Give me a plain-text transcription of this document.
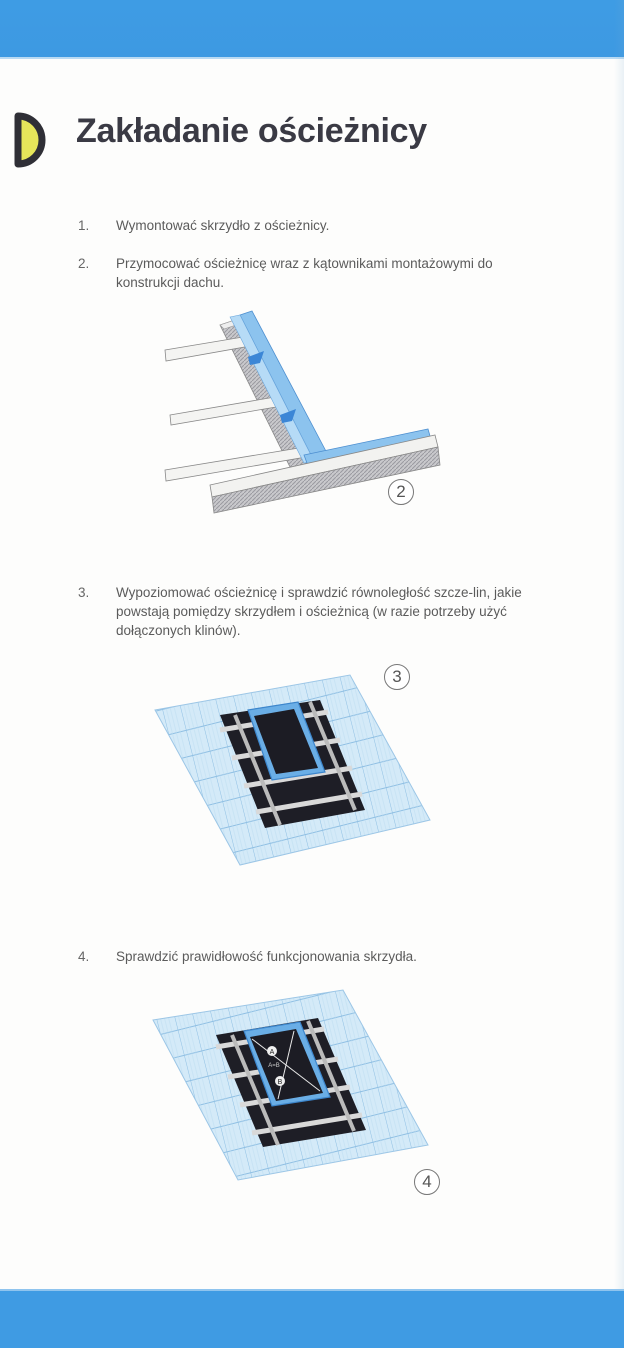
Zakładanie ościeżnicy
1.	Wymontować skrzydło z ościeżnicy.
2.	Przymocować ościeżnicę wraz z kątownikami montażowymi do konstrukcji dachu.
2
3.	Wypoziomować ościeżnicę i sprawdzić równoległość szcze-lin, jakie powstają pomiędzy skrzydłem i ościeżnicą (w razie potrzeby użyć dołączonych klinów).
3
4.	Sprawdzić prawidłowość funkcjonowania skrzydła.
A
A=B
B
4
